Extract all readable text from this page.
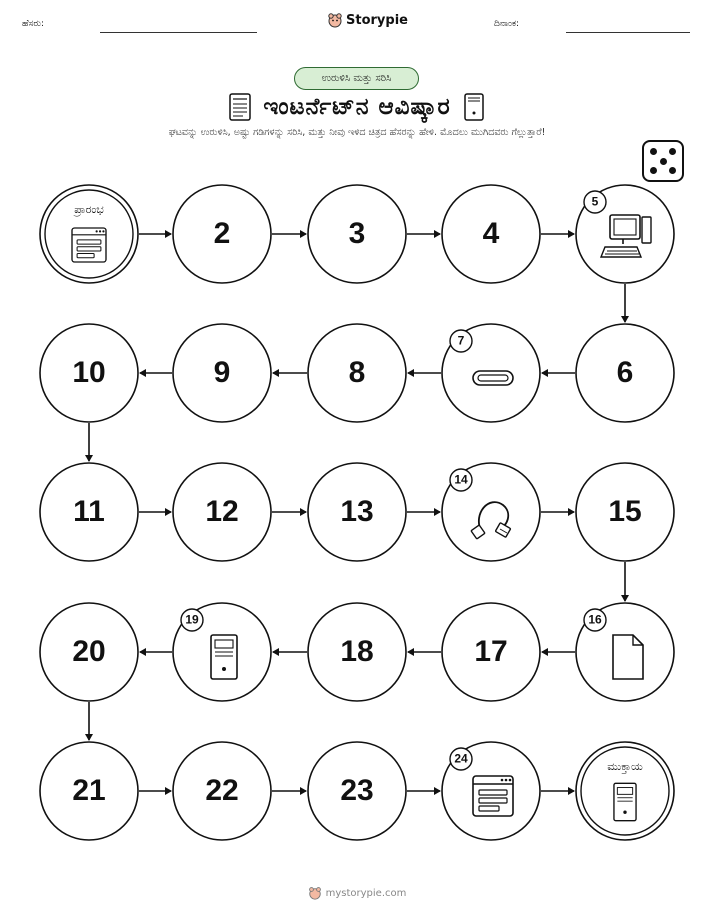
ಹೆಸರು:	Storypie	ದಿನಾಂಕ:
ಉರುಳಿಸಿ ಮತ್ತು ಸರಿಸಿ
ಇಂಟರ್ನೆಟ್‌ನ ಆವಿಷ್ಕಾರ
ಘಟವನ್ನು ಉರುಳಿಸಿ, ಅಷ್ಟು ಗಡಿಗಳನ್ನು ಸರಿಸಿ, ಮತ್ತು ನೀವು ಇಳಿದ ಚಿತ್ರದ ಹೆಸರನ್ನು ಹೇಳಿ. ಮೊದಲು ಮುಗಿದವರು ಗೆಲ್ಲುತ್ತಾರೆ!
ಪ್ರಾರಂಭ
2	3	4
5
6
7
8
9
10
11	12	13
14
15
16
17
18
19
20
21	22	23
24
ಮುಕ್ತಾಯ
mystorypie.com
